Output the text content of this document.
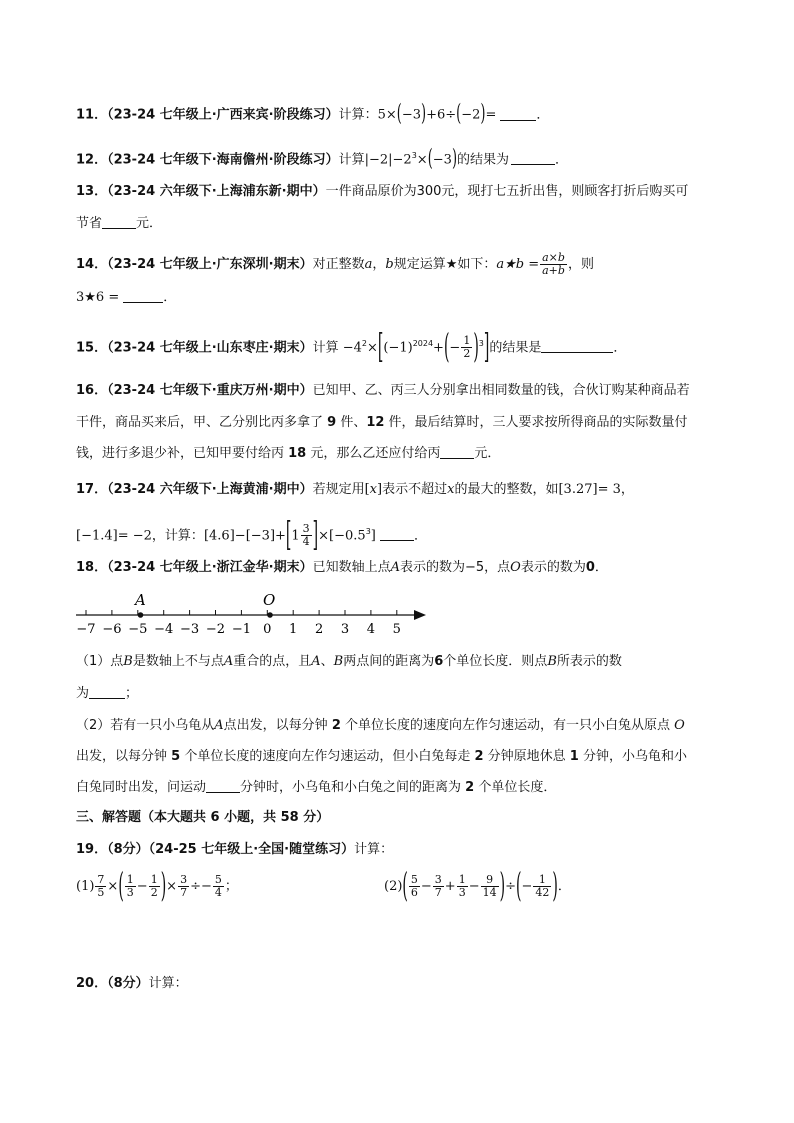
11．（23-24 七年级上·广西来宾·阶段练习）计算：5×(−3)+6÷(−2)=	．
12．（23-24 七年级下·海南儋州·阶段练习）计算$|-2|-2^3\times(-3)$的结果为	．
13．（23-24 六年级下·上海浦东新·期中）一件商品原价为300元，现打七五折出售，则顾客打折后购买可
节省	元．
14．（23-24 七年级上·广东深圳·期末）对正整数a，b规定运算★如下：a★b = $\frac{a\times b}{a+b}$ ，则
3★6 =	．
15．（23-24 七年级上·山东枣庄·期末）计算 $-4^2\times[(-1)^{2024}+(- \frac{1}{2} )^3]$的结果是	．
16．（23-24 七年级下·重庆万州·期中）已知甲、乙、丙三人分别拿出相同数量的钱，合伙订购某种商品若
干件，商品买来后，甲、乙分别比丙多拿了 9 件、12 件，最后结算时，三人要求按所得商品的实际数量付
钱，进行多退少补，已知甲要付给丙 18 元，那么乙还应付给丙	元．
17．（23-24 六年级下·上海黄浦·期中）若规定用[x]表示不超过x的最大的整数，如[3.27]= 3，
[−1.4]= −2，计算：$[4.6]-[-3]+[1 \frac{3}{4} ]\times[-0.5^3]$	．
18．（23-24 七年级上·浙江金华·期末）已知数轴上点A表示的数为−5，点O表示的数为0．
−7 −6 −5 −4 −3 −2 −1 0 1 2 3 4 5
A	O
（1）点B是数轴上不与点A重合的点，且A、B两点间的距离为6个单位长度．则点B所表示的数
为	；
（2）若有一只小乌龟从A点出发，以每分钟 2 个单位长度的速度向左作匀速运动，有一只小白兔从原点 O
出发，以每分钟 5 个单位长度的速度向左作匀速运动，但小白兔每走 2 分钟原地休息 1 分钟，小乌龟和小
白兔同时出发，问运动	分钟时，小乌龟和小白兔之间的距离为 2 个单位长度．
三、解答题（本大题共 6 小题，共 58 分）
19．（8分）（24-25 七年级上·全国·随堂练习）计算：
$(1) \frac{7}{5}$ ×( $\frac{1}{3} - \frac{1}{2}$ )× $\frac{3}{7} \div- \frac{5}{4}$ ；	$(2)( \frac{5}{6} - \frac{3}{7} + \frac{1}{3} - \frac{9}{14}$ )÷(− $\frac{1}{42}$ )．
20．（8分）计算：
